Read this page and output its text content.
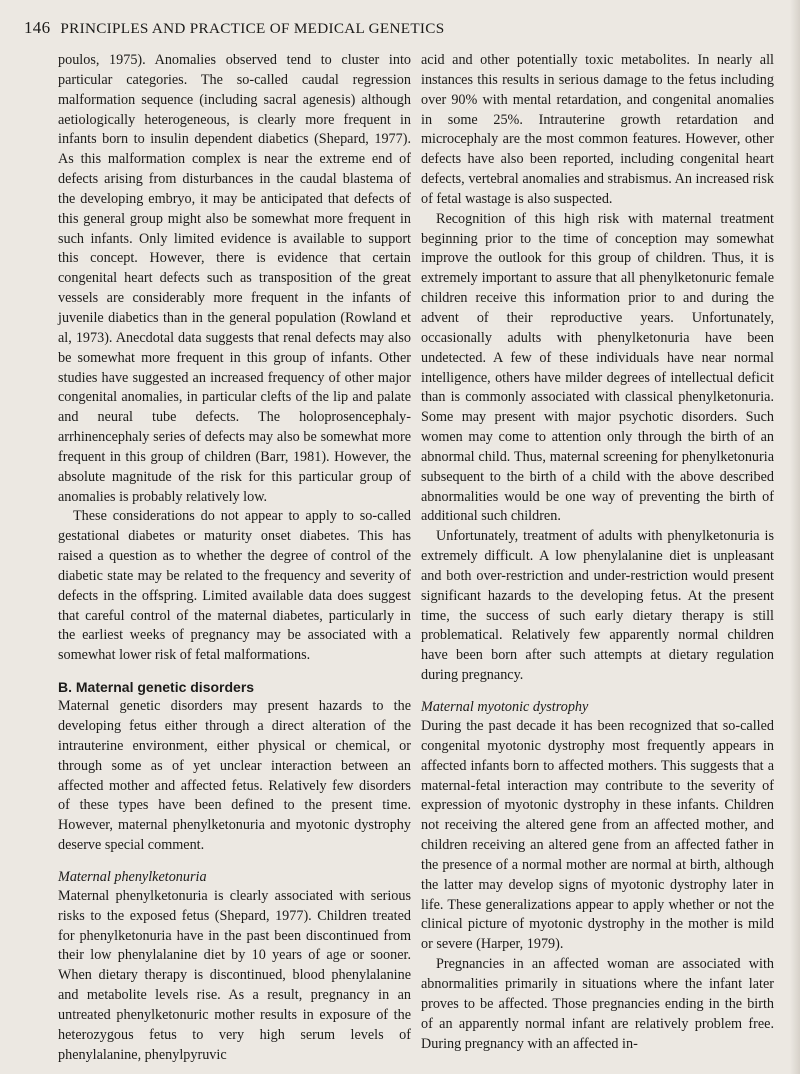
146 PRINCIPLES AND PRACTICE OF MEDICAL GENETICS

poulos, 1975). Anomalies observed tend to cluster into particular categories. The so-called caudal regression malformation sequence (including sacral agenesis) although aetiologically heterogeneous, is clearly more frequent in infants born to insulin dependent diabetics (Shepard, 1977). As this malformation complex is near the extreme end of defects arising from disturbances in the caudal blastema of the developing embryo, it may be anticipated that defects of this general group might also be somewhat more frequent in such infants. Only limited evidence is available to support this concept. However, there is evidence that certain congenital heart defects such as transposition of the great vessels are considerably more frequent in the infants of juvenile diabetics than in the general population (Rowland et al, 1973). Anecdotal data suggests that renal defects may also be somewhat more frequent in this group of infants. Other studies have suggested an increased frequency of other major congenital anomalies, in particular clefts of the lip and palate and neural tube defects. The holoprosencephaly-arrhinencephaly series of defects may also be somewhat more frequent in this group of children (Barr, 1981). However, the absolute magnitude of the risk for this particular group of anomalies is probably relatively low.

These considerations do not appear to apply to so-called gestational diabetes or maturity onset diabetes. This has raised a question as to whether the degree of control of the diabetic state may be related to the frequency and severity of defects in the offspring. Limited available data does suggest that careful control of the maternal diabetes, particularly in the earliest weeks of pregnancy may be associated with a somewhat lower risk of fetal malformations.

B. Maternal genetic disorders

Maternal genetic disorders may present hazards to the developing fetus either through a direct alteration of the intrauterine environment, either physical or chemical, or through some as of yet unclear interaction between an affected mother and affected fetus. Relatively few disorders of these types have been defined to the present time. However, maternal phenylketonuria and myotonic dystrophy deserve special comment.

Maternal phenylketonuria

Maternal phenylketonuria is clearly associated with serious risks to the exposed fetus (Shepard, 1977). Children treated for phenylketonuria have in the past been discontinued from their low phenylalanine diet by 10 years of age or sooner. When dietary therapy is discontinued, blood phenylalanine and metabolite levels rise. As a result, pregnancy in an untreated phenylketonuric mother results in exposure of the heterozygous fetus to very high serum levels of phenylalanine, phenylpyruvic

acid and other potentially toxic metabolites. In nearly all instances this results in serious damage to the fetus including over 90% with mental retardation, and congenital anomalies in some 25%. Intrauterine growth retardation and microcephaly are the most common features. However, other defects have also been reported, including congenital heart defects, vertebral anomalies and strabismus. An increased risk of fetal wastage is also suspected.

Recognition of this high risk with maternal treatment beginning prior to the time of conception may somewhat improve the outlook for this group of children. Thus, it is extremely important to assure that all phenylketonuric female children receive this information prior to and during the advent of their reproductive years. Unfortunately, occasionally adults with phenylketonuria have been undetected. A few of these individuals have near normal intelligence, others have milder degrees of intellectual deficit than is commonly associated with classical phenylketonuria. Some may present with major psychotic disorders. Such women may come to attention only through the birth of an abnormal child. Thus, maternal screening for phenylketonuria subsequent to the birth of a child with the above described abnormalities would be one way of preventing the birth of additional such children.

Unfortunately, treatment of adults with phenylketonuria is extremely difficult. A low phenylalanine diet is unpleasant and both over-restriction and under-restriction would present significant hazards to the developing fetus. At the present time, the success of such early dietary therapy is still problematical. Relatively few apparently normal children have been born after such attempts at dietary regulation during pregnancy.

Maternal myotonic dystrophy

During the past decade it has been recognized that so-called congenital myotonic dystrophy most frequently appears in affected infants born to affected mothers. This suggests that a maternal-fetal interaction may contribute to the severity of expression of myotonic dystrophy in these infants. Children not receiving the altered gene from an affected mother, and children receiving an altered gene from an affected father in the presence of a normal mother are normal at birth, although the latter may develop signs of myotonic dystrophy later in life. These generalizations appear to apply whether or not the clinical picture of myotonic dystrophy in the mother is mild or severe (Harper, 1979).

Pregnancies in an affected woman are associated with abnormalities primarily in situations where the infant later proves to be affected. Those pregnancies ending in the birth of an apparently normal infant are relatively problem free. During pregnancy with an affected in-
